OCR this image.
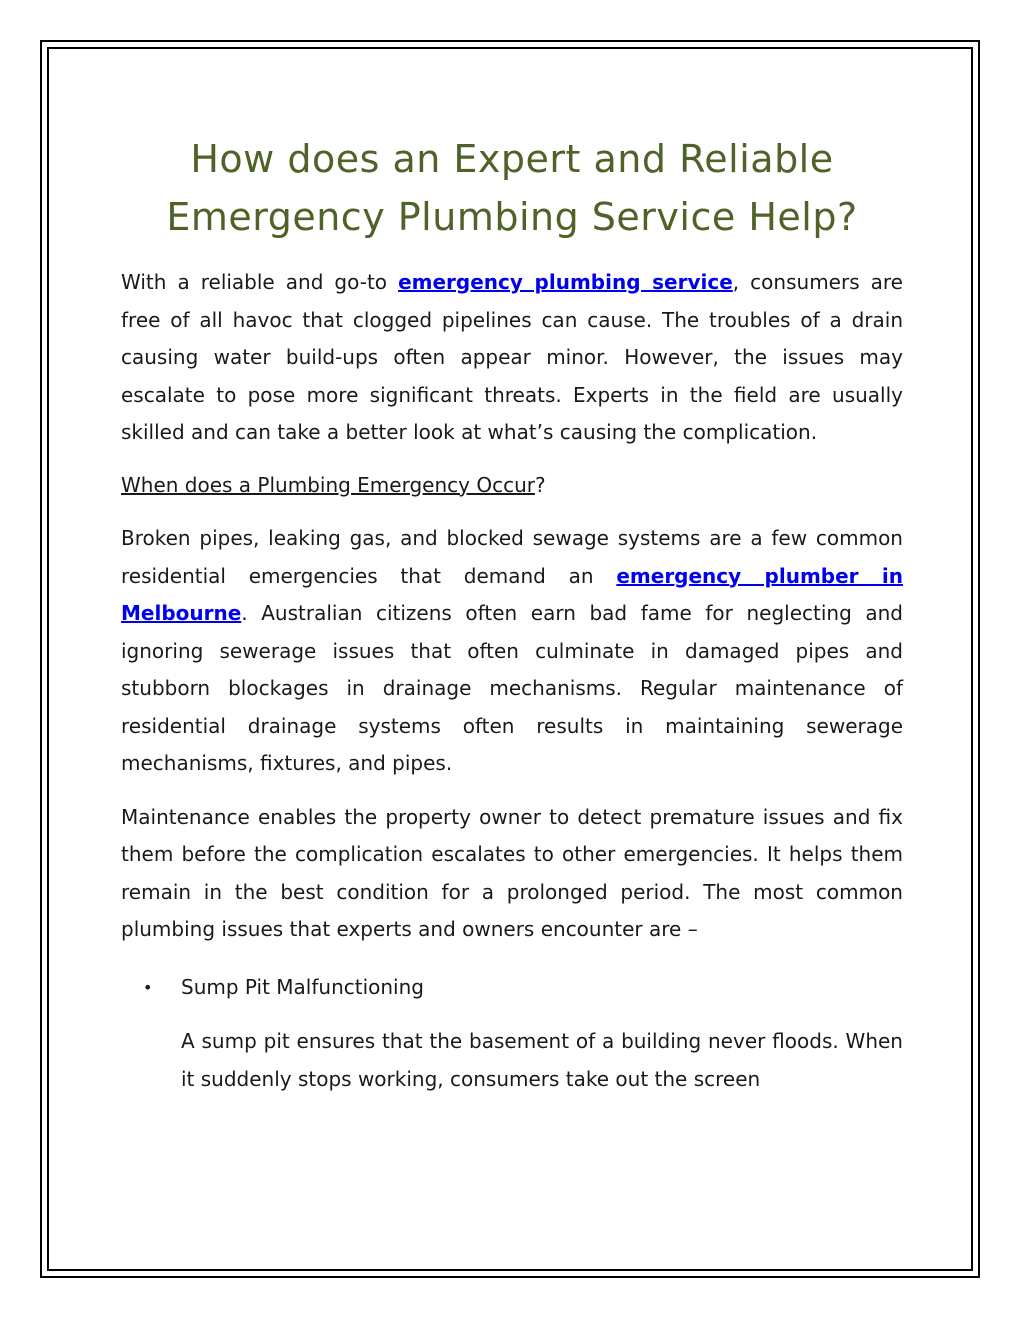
How does an Expert and Reliable
Emergency Plumbing Service Help?

With a reliable and go-to emergency plumbing service, consumers are free of all havoc that clogged pipelines can cause. The troubles of a drain causing water build-ups often appear minor. However, the issues may escalate to pose more significant threats. Experts in the field are usually skilled and can take a better look at what’s causing the complication.

When does a Plumbing Emergency Occur?

Broken pipes, leaking gas, and blocked sewage systems are a few common residential emergencies that demand an emergency plumber in Melbourne. Australian citizens often earn bad fame for neglecting and ignoring sewerage issues that often culminate in damaged pipes and stubborn blockages in drainage mechanisms. Regular maintenance of residential drainage systems often results in maintaining sewerage mechanisms, fixtures, and pipes.

Maintenance enables the property owner to detect premature issues and fix them before the complication escalates to other emergencies. It helps them remain in the best condition for a prolonged period. The most common plumbing issues that experts and owners encounter are –

• Sump Pit Malfunctioning

A sump pit ensures that the basement of a building never floods. When it suddenly stops working, consumers take out the screen
